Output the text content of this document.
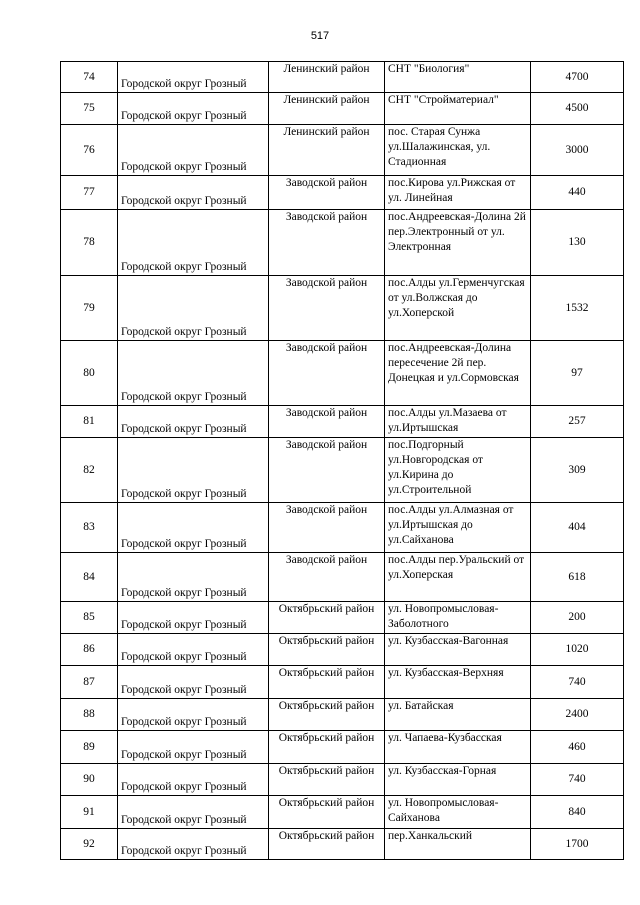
517
74	Городской округ Грозный	Ленинский район	СНТ "Биология"	4700
75	Городской округ Грозный	Ленинский район	СНТ "Стройматериал"	4500
76	Городской округ Грозный	Ленинский район	пос. Старая Сунжа ул.Шалажинская, ул. Стадионная	3000
77	Городской округ Грозный	Заводской район	пос.Кирова ул.Рижская от ул. Линейная	440
78	Городской округ Грозный	Заводской район	пос.Андреевская-Долина 2й пер.Электронный от ул. Электронная	130
79	Городской округ Грозный	Заводской район	пос.Алды ул.Герменчугская от ул.Волжская до ул.Хоперской	1532
80	Городской округ Грозный	Заводской район	пос.Андреевская-Долина пересечение 2й пер. Донецкая и ул.Сормовская	97
81	Городской округ Грозный	Заводской район	пос.Алды ул.Мазаева от ул.Иртышская	257
82	Городской округ Грозный	Заводской район	пос.Подгорный ул.Новгородская от ул.Кирина до ул.Строительной	309
83	Городской округ Грозный	Заводской район	пос.Алды ул.Алмазная от ул.Иртышская до ул.Сайханова	404
84	Городской округ Грозный	Заводской район	пос.Алды пер.Уральский от ул.Хоперская	618
85	Городской округ Грозный	Октябрьский район	ул. Новопромысловая-Заболотного	200
86	Городской округ Грозный	Октябрьский район	ул. Кузбасская-Вагонная	1020
87	Городской округ Грозный	Октябрьский район	ул. Кузбасская-Верхняя	740
88	Городской округ Грозный	Октябрьский район	ул. Батайская	2400
89	Городской округ Грозный	Октябрьский район	ул. Чапаева-Кузбасская	460
90	Городской округ Грозный	Октябрьский район	ул. Кузбасская-Горная	740
91	Городской округ Грозный	Октябрьский район	ул. Новопромысловая-Сайханова	840
92	Городской округ Грозный	Октябрьский район	пер.Ханкальский	1700
